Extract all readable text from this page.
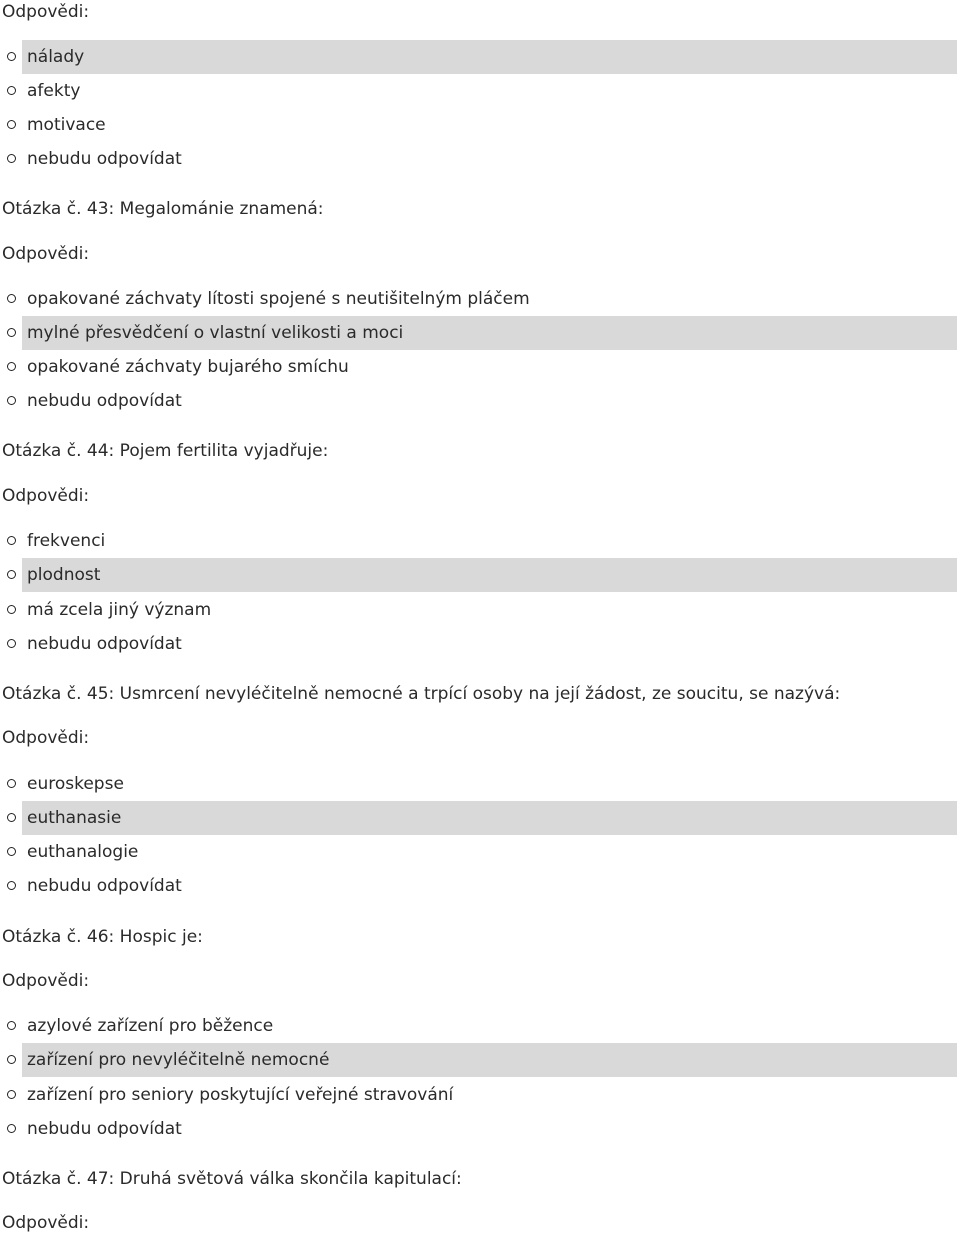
Odpovědi:
nálady
afekty
motivace
nebudu odpovídat
Otázka č. 43: Megalománie znamená:
Odpovědi:
opakované záchvaty lítosti spojené s neutišitelným pláčem
mylné přesvědčení o vlastní velikosti a moci
opakované záchvaty bujarého smíchu
nebudu odpovídat
Otázka č. 44: Pojem fertilita vyjadřuje:
Odpovědi:
frekvenci
plodnost
má zcela jiný význam
nebudu odpovídat
Otázka č. 45: Usmrcení nevyléčitelně nemocné a trpící osoby na její žádost, ze soucitu, se nazývá:
Odpovědi:
euroskepse
euthanasie
euthanalogie
nebudu odpovídat
Otázka č. 46: Hospic je:
Odpovědi:
azylové zařízení pro běžence
zařízení pro nevyléčitelně nemocné
zařízení pro seniory poskytující veřejné stravování
nebudu odpovídat
Otázka č. 47: Druhá světová válka skončila kapitulací:
Odpovědi:
